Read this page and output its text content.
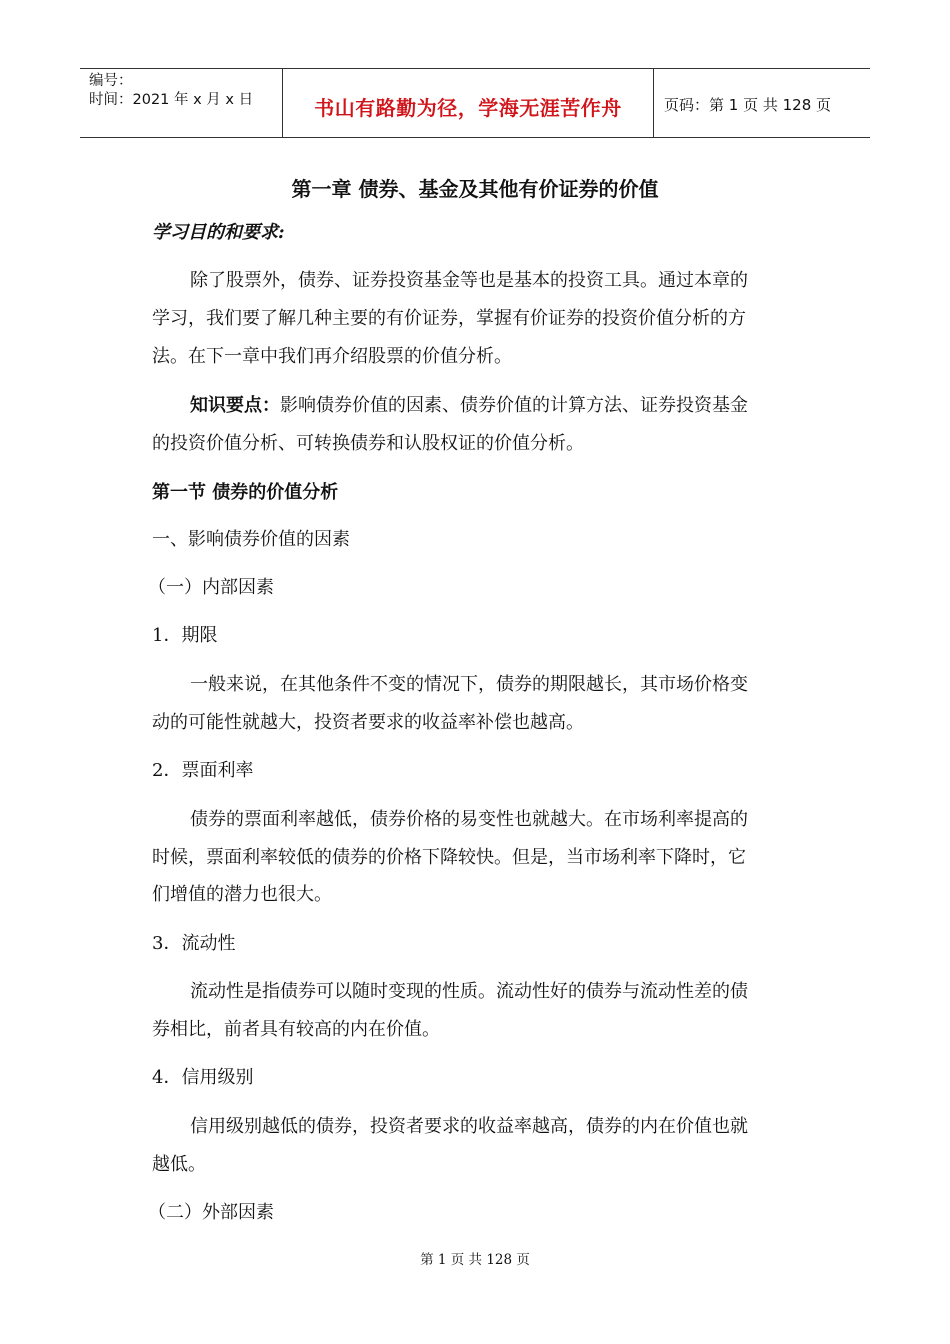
编号：
时间：2021 年 x 月 x 日	书山有路勤为径，学海无涯苦作舟	页码：第 1 页 共 128 页
第一章 债券、基金及其他有价证券的价值
学习目的和要求:
除了股票外，债券、证券投资基金等也是基本的投资工具。通过本章的
学习，我们要了解几种主要的有价证券，掌握有价证券的投资价值分析的方
法。在下一章中我们再介绍股票的价值分析。
知识要点：影响债券价值的因素、债券价值的计算方法、证券投资基金
的投资价值分析、可转换债券和认股权证的价值分析。
第一节 债券的价值分析
一、影响债券价值的因素
（一）内部因素
1．期限
一般来说，在其他条件不变的情况下，债券的期限越长，其市场价格变
动的可能性就越大，投资者要求的收益率补偿也越高。
2．票面利率
债券的票面利率越低，债券价格的易变性也就越大。在市场利率提高的
时候，票面利率较低的债券的价格下降较快。但是，当市场利率下降时，它
们增值的潜力也很大。
3．流动性
流动性是指债券可以随时变现的性质。流动性好的债券与流动性差的债
券相比，前者具有较高的内在价值。
4．信用级别
信用级别越低的债券，投资者要求的收益率越高，债券的内在价值也就
越低。
（二）外部因素
第 1 页 共 128 页
